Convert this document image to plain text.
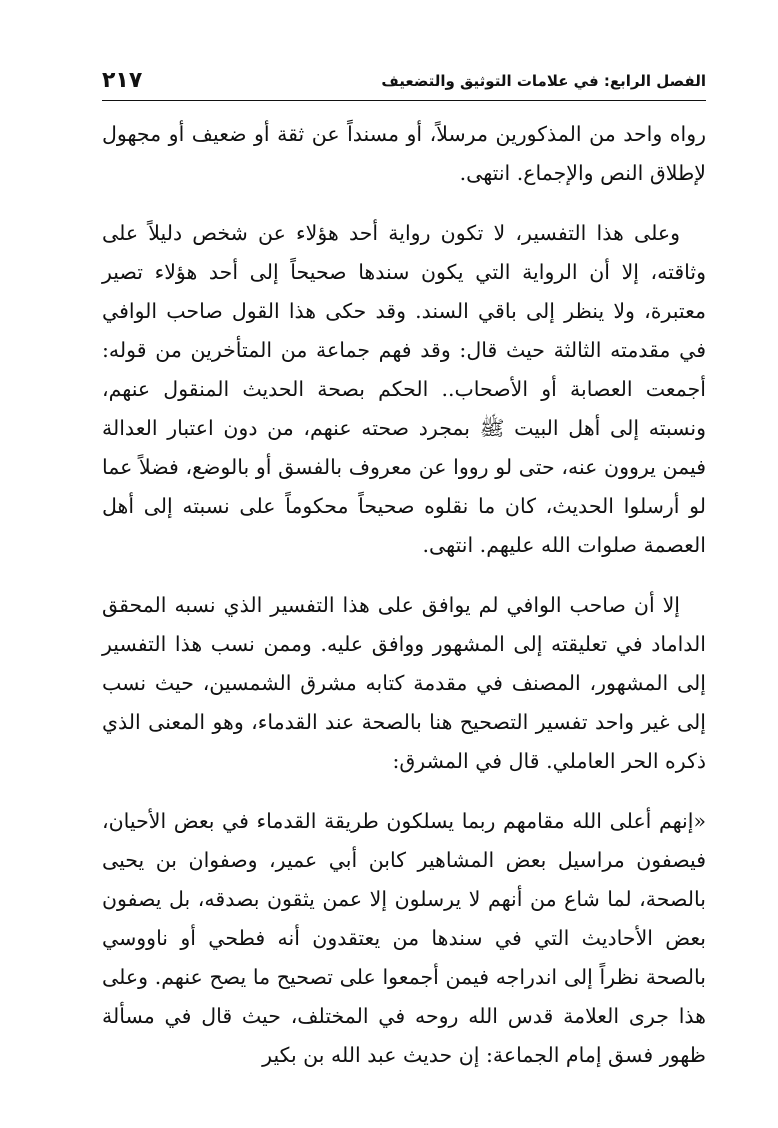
الفصل الرابع: في علامات التوثيق والتضعيف
٢١٧

رواه واحد من المذكورين مرسلاً، أو مسنداً عن ثقة أو ضعيف أو مجهول لإطلاق النص والإجماع. انتهى.

وعلى هذا التفسير، لا تكون رواية أحد هؤلاء عن شخص دليلاً على وثاقته، إلا أن الرواية التي يكون سندها صحيحاً إلى أحد هؤلاء تصير معتبرة، ولا ينظر إلى باقي السند. وقد حكى هذا القول صاحب الوافي في مقدمته الثالثة حيث قال: وقد فهم جماعة من المتأخرين من قوله: أجمعت العصابة أو الأصحاب.. الحكم بصحة الحديث المنقول عنهم، ونسبته إلى أهل البيت ﷺ بمجرد صحته عنهم، من دون اعتبار العدالة فيمن يروون عنه، حتى لو رووا عن معروف بالفسق أو بالوضع، فضلاً عما لو أرسلوا الحديث، كان ما نقلوه صحيحاً محكوماً على نسبته إلى أهل العصمة صلوات الله عليهم. انتهى.

إلا أن صاحب الوافي لم يوافق على هذا التفسير الذي نسبه المحقق الداماد في تعليقته إلى المشهور ووافق عليه. وممن نسب هذا التفسير إلى المشهور، المصنف في مقدمة كتابه مشرق الشمسين، حيث نسب إلى غير واحد تفسير التصحيح هنا بالصحة عند القدماء، وهو المعنى الذي ذكره الحر العاملي. قال في المشرق:

«إنهم أعلى الله مقامهم ربما يسلكون طريقة القدماء في بعض الأحيان، فيصفون مراسيل بعض المشاهير كابن أبي عمير، وصفوان بن يحيى بالصحة، لما شاع من أنهم لا يرسلون إلا عمن يثقون بصدقه، بل يصفون بعض الأحاديث التي في سندها من يعتقدون أنه فطحي أو ناووسي بالصحة نظراً إلى اندراجه فيمن أجمعوا على تصحيح ما يصح عنهم. وعلى هذا جرى العلامة قدس الله روحه في المختلف، حيث قال في مسألة ظهور فسق إمام الجماعة: إن حديث عبد الله بن بكير
